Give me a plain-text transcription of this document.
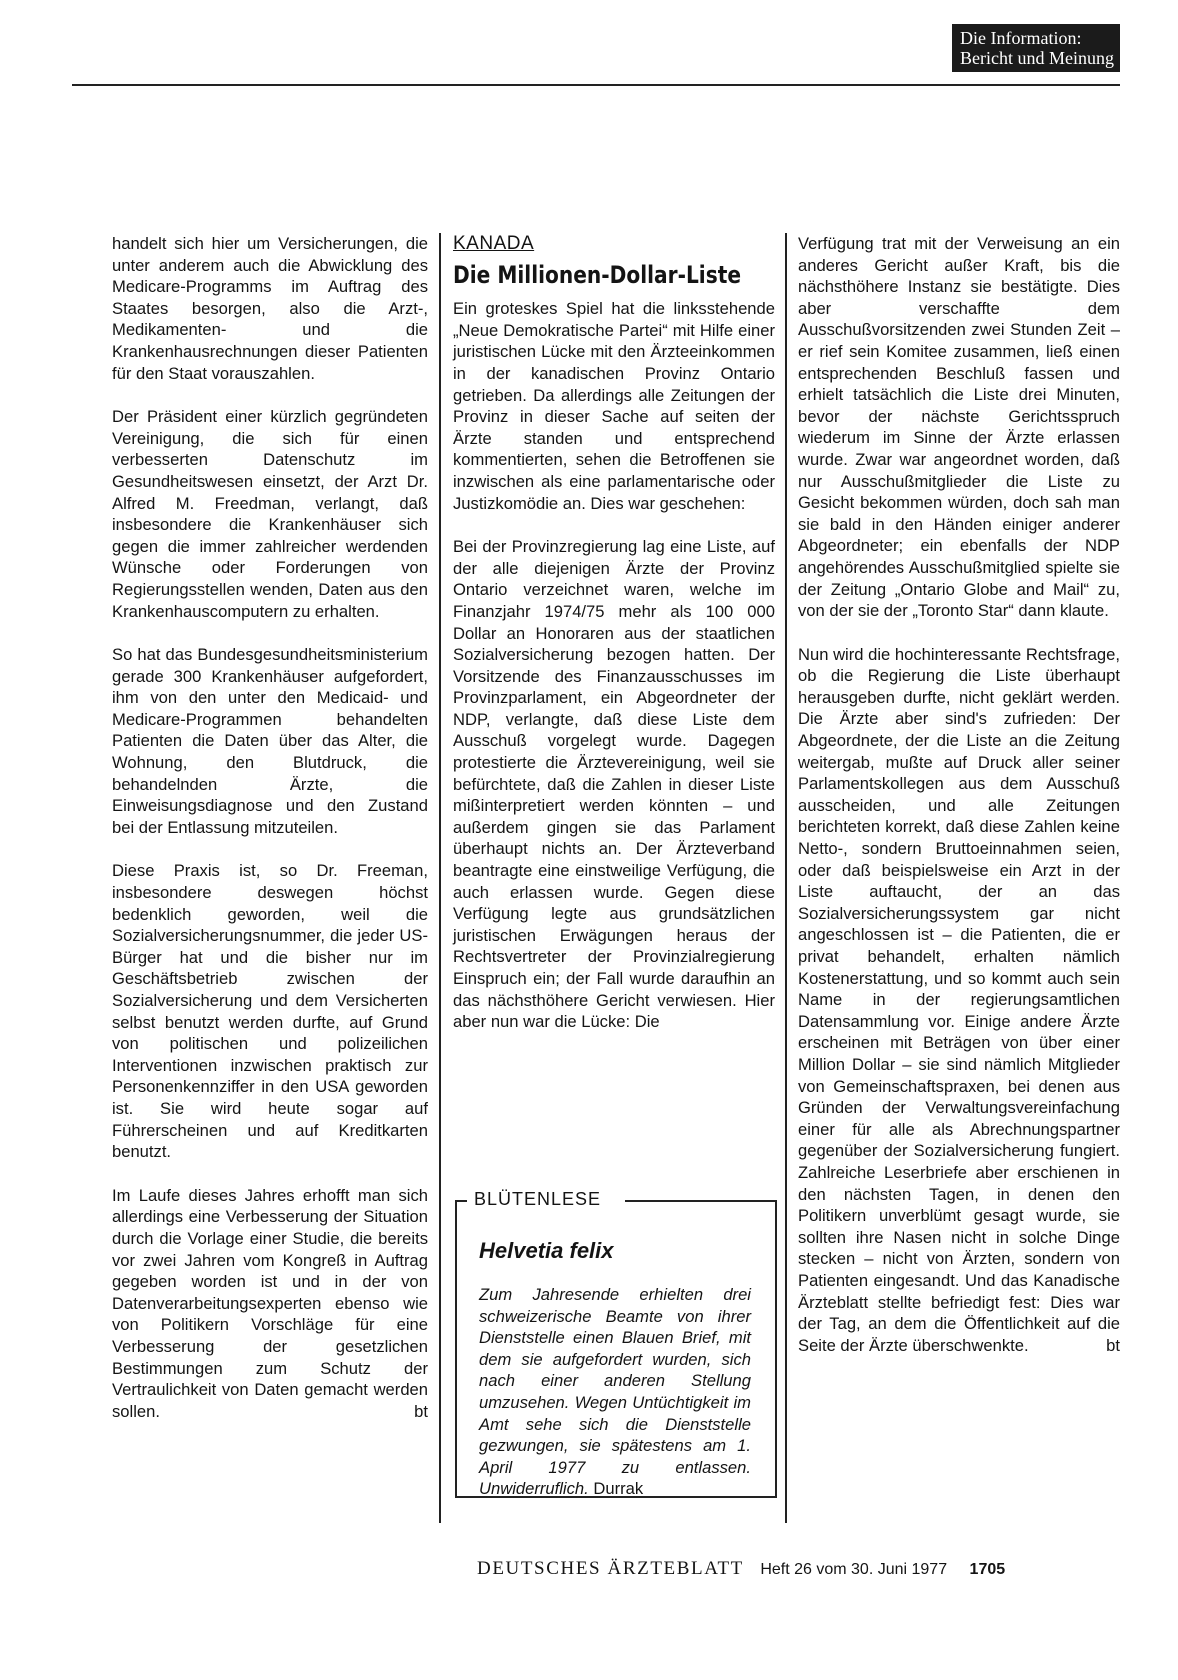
Die Information:
Bericht und Meinung

handelt sich hier um Versicherungen, die unter anderem auch die Abwicklung des Medicare-Programms im Auftrag des Staates besorgen, also die Arzt-, Medikamenten- und die Krankenhausrechnungen dieser Patienten für den Staat vorauszahlen.

Der Präsident einer kürzlich gegründeten Vereinigung, die sich für einen verbesserten Datenschutz im Gesundheitswesen einsetzt, der Arzt Dr. Alfred M. Freedman, verlangt, daß insbesondere die Krankenhäuser sich gegen die immer zahlreicher werdenden Wünsche oder Forderungen von Regierungsstellen wenden, Daten aus den Krankenhauscomputern zu erhalten.

So hat das Bundesgesundheitsministerium gerade 300 Krankenhäuser aufgefordert, ihm von den unter den Medicaid- und Medicare-Programmen behandelten Patienten die Daten über das Alter, die Wohnung, den Blutdruck, die behandelnden Ärzte, die Einweisungsdiagnose und den Zustand bei der Entlassung mitzuteilen.

Diese Praxis ist, so Dr. Freeman, insbesondere deswegen höchst bedenklich geworden, weil die Sozialversicherungsnummer, die jeder US-Bürger hat und die bisher nur im Geschäftsbetrieb zwischen der Sozialversicherung und dem Versicherten selbst benutzt werden durfte, auf Grund von politischen und polizeilichen Interventionen inzwischen praktisch zur Personenkennziffer in den USA geworden ist. Sie wird heute sogar auf Führerscheinen und auf Kreditkarten benutzt.

Im Laufe dieses Jahres erhofft man sich allerdings eine Verbesserung der Situation durch die Vorlage einer Studie, die bereits vor zwei Jahren vom Kongreß in Auftrag gegeben worden ist und in der von Datenverarbeitungsexperten ebenso wie von Politikern Vorschläge für eine Verbesserung der gesetzlichen Bestimmungen zum Schutz der Vertraulichkeit von Daten gemacht werden sollen.	bt

KANADA
Die Millionen-Dollar-Liste

Ein groteskes Spiel hat die linksstehende „Neue Demokratische Partei“ mit Hilfe einer juristischen Lücke mit den Ärzteeinkommen in der kanadischen Provinz Ontario getrieben. Da allerdings alle Zeitungen der Provinz in dieser Sache auf seiten der Ärzte standen und entsprechend kommentierten, sehen die Betroffenen sie inzwischen als eine parlamentarische oder Justizkomödie an. Dies war geschehen:

Bei der Provinzregierung lag eine Liste, auf der alle diejenigen Ärzte der Provinz Ontario verzeichnet waren, welche im Finanzjahr 1974/75 mehr als 100 000 Dollar an Honoraren aus der staatlichen Sozialversicherung bezogen hatten. Der Vorsitzende des Finanzausschusses im Provinzparlament, ein Abgeordneter der NDP, verlangte, daß diese Liste dem Ausschuß vorgelegt wurde. Dagegen protestierte die Ärztevereinigung, weil sie befürchtete, daß die Zahlen in dieser Liste mißinterpretiert werden könnten – und außerdem gingen sie das Parlament überhaupt nichts an. Der Ärzteverband beantragte eine einstweilige Verfügung, die auch erlassen wurde. Gegen diese Verfügung legte aus grundsätzlichen juristischen Erwägungen heraus der Rechtsvertreter der Provinzialregierung Einspruch ein; der Fall wurde daraufhin an das nächsthöhere Gericht verwiesen. Hier aber nun war die Lücke: Die

BLÜTENLESE
Helvetia felix
Zum Jahresende erhielten drei schweizerische Beamte von ihrer Dienststelle einen Blauen Brief, mit dem sie aufgefordert wurden, sich nach einer anderen Stellung umzusehen. Wegen Untüchtigkeit im Amt sehe sich die Dienststelle gezwungen, sie spätestens am 1. April 1977 zu entlassen. Unwiderruflich. Durrak

Verfügung trat mit der Verweisung an ein anderes Gericht außer Kraft, bis die nächsthöhere Instanz sie bestätigte. Dies aber verschaffte dem Ausschußvorsitzenden zwei Stunden Zeit – er rief sein Komitee zusammen, ließ einen entsprechenden Beschluß fassen und erhielt tatsächlich die Liste drei Minuten, bevor der nächste Gerichtsspruch wiederum im Sinne der Ärzte erlassen wurde. Zwar war angeordnet worden, daß nur Ausschußmitglieder die Liste zu Gesicht bekommen würden, doch sah man sie bald in den Händen einiger anderer Abgeordneter; ein ebenfalls der NDP angehörendes Ausschußmitglied spielte sie der Zeitung „Ontario Globe and Mail“ zu, von der sie der „Toronto Star“ dann klaute.

Nun wird die hochinteressante Rechtsfrage, ob die Regierung die Liste überhaupt herausgeben durfte, nicht geklärt werden. Die Ärzte aber sind's zufrieden: Der Abgeordnete, der die Liste an die Zeitung weitergab, mußte auf Druck aller seiner Parlamentskollegen aus dem Ausschuß ausscheiden, und alle Zeitungen berichteten korrekt, daß diese Zahlen keine Netto-, sondern Bruttoeinnahmen seien, oder daß beispielsweise ein Arzt in der Liste auftaucht, der an das Sozialversicherungssystem gar nicht angeschlossen ist – die Patienten, die er privat behandelt, erhalten nämlich Kostenerstattung, und so kommt auch sein Name in der regierungsamtlichen Datensammlung vor. Einige andere Ärzte erscheinen mit Beträgen von über einer Million Dollar – sie sind nämlich Mitglieder von Gemeinschaftspraxen, bei denen aus Gründen der Verwaltungsvereinfachung einer für alle als Abrechnungspartner gegenüber der Sozialversicherung fungiert. Zahlreiche Leserbriefe aber erschienen in den nächsten Tagen, in denen den Politikern unverblümt gesagt wurde, sie sollten ihre Nasen nicht in solche Dinge stecken – nicht von Ärzten, sondern von Patienten eingesandt. Und das Kanadische Ärzteblatt stellte befriedigt fest: Dies war der Tag, an dem die Öffentlichkeit auf die Seite der Ärzte überschwenkte.	bt

DEUTSCHES ÄRZTEBLATT Heft 26 vom 30. Juni 1977 1705
